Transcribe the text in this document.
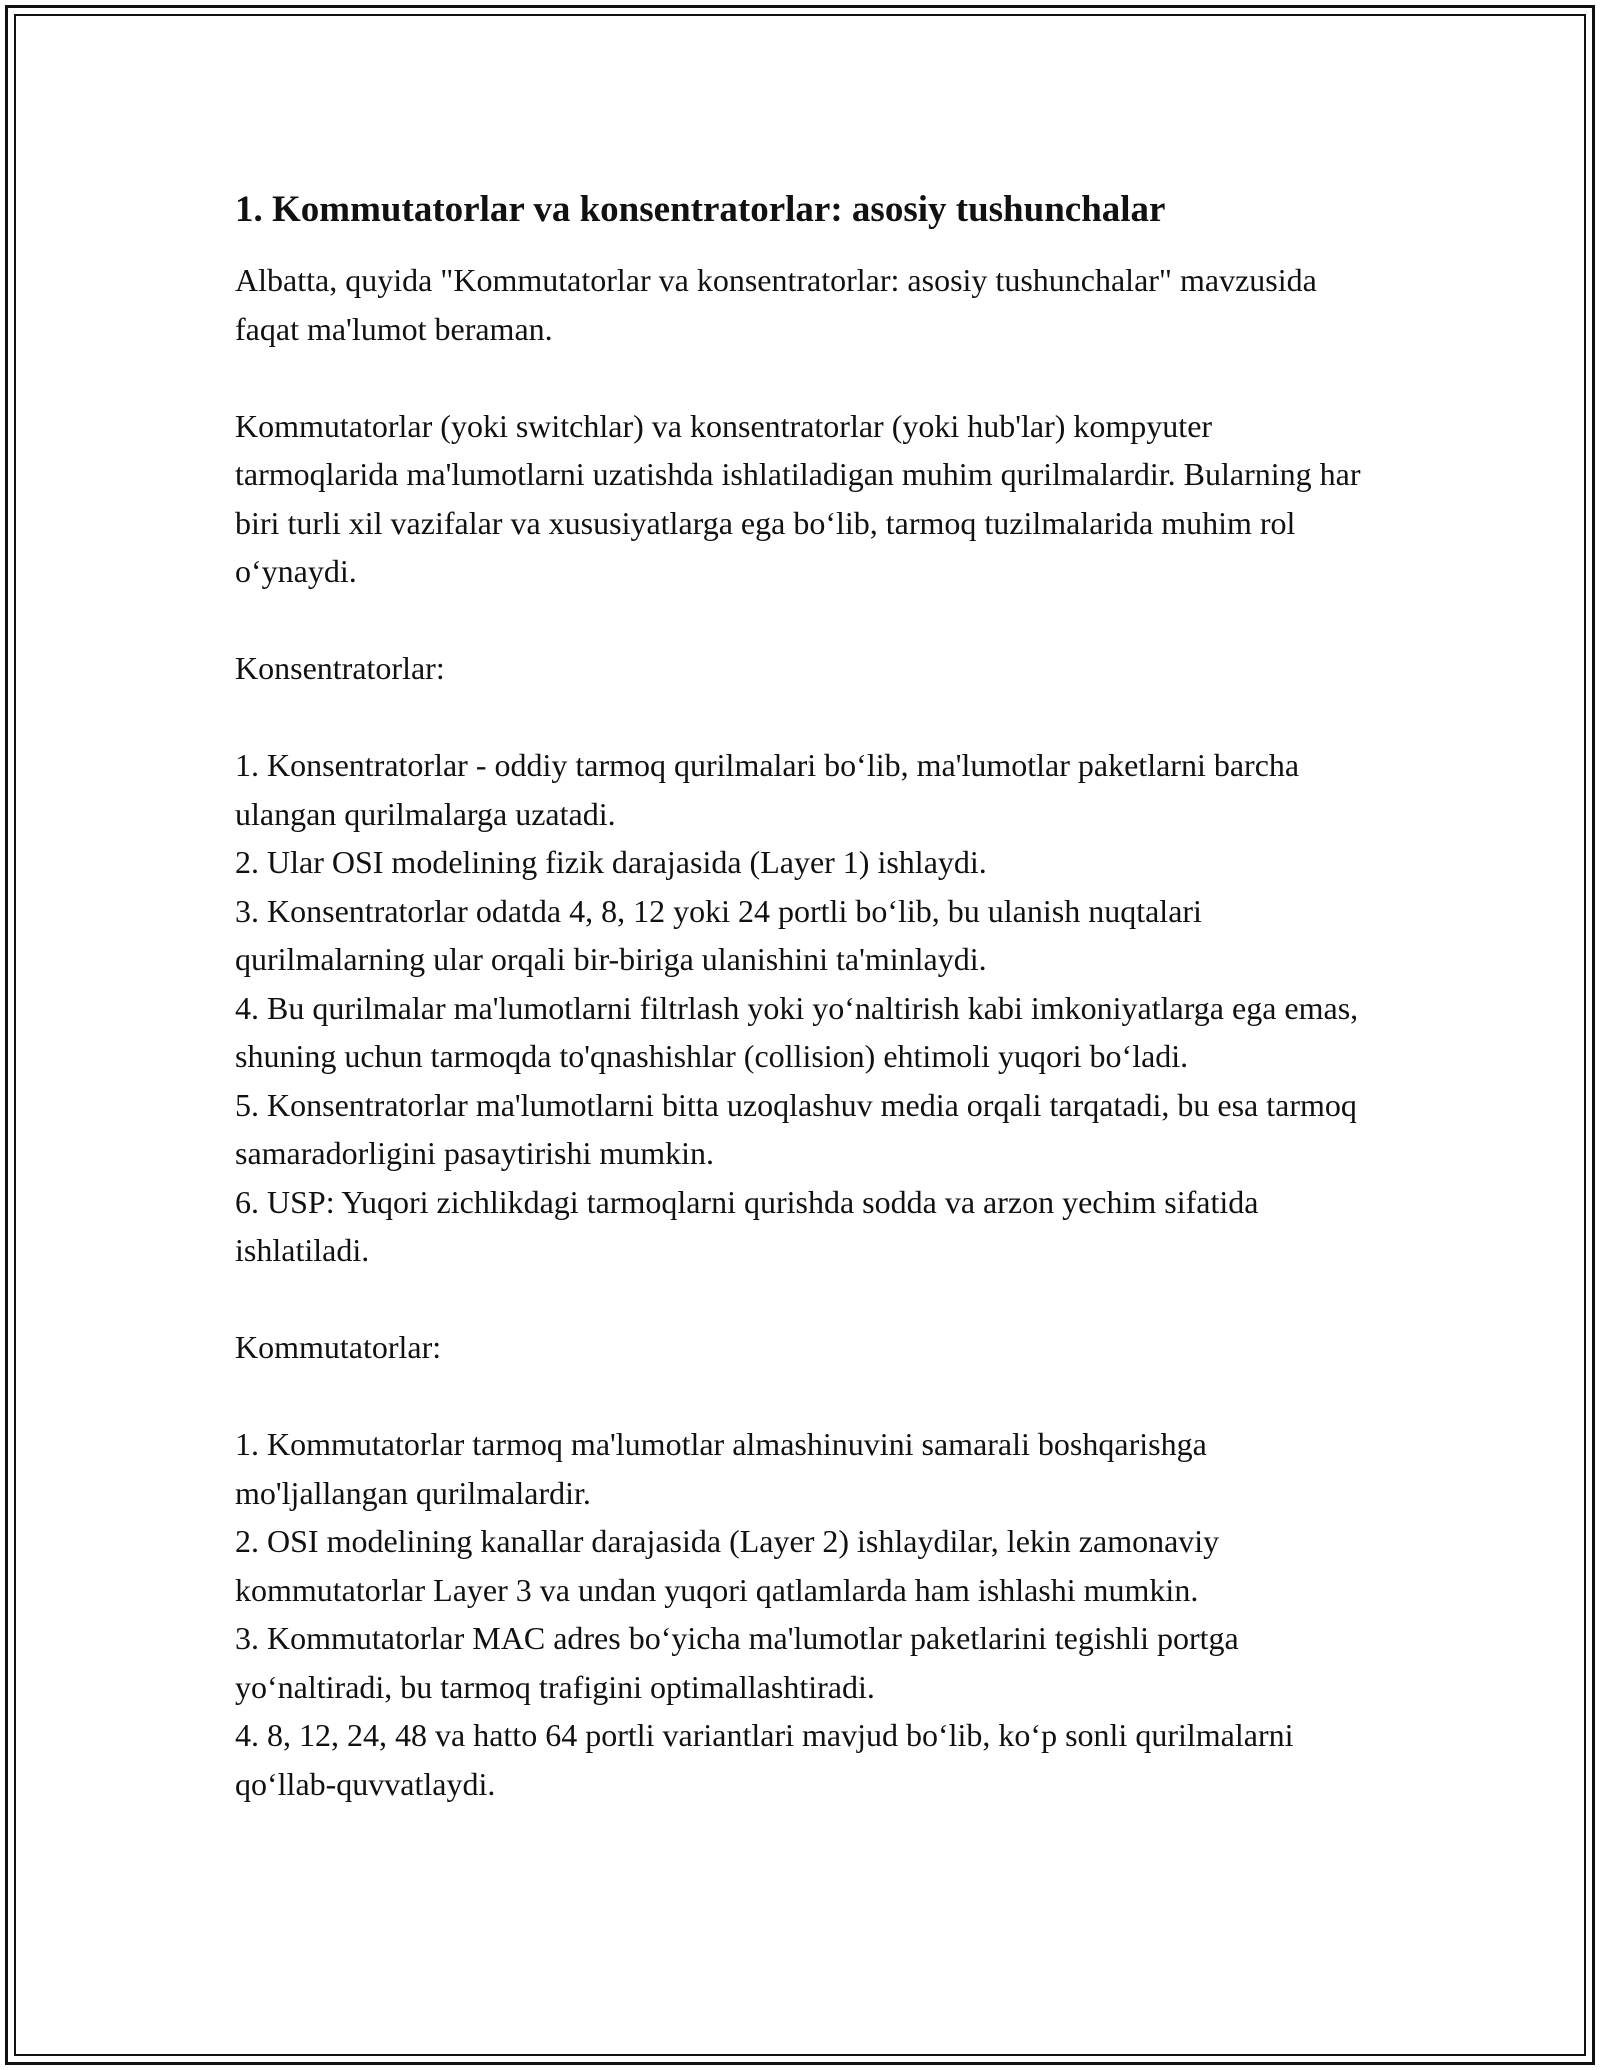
1. Kommutatorlar va konsentratorlar: asosiy tushunchalar

Albatta, quyida "Kommutatorlar va konsentratorlar: asosiy tushunchalar" mavzusida faqat ma'lumot beraman.

Kommutatorlar (yoki switchlar) va konsentratorlar (yoki hub'lar) kompyuter tarmoqlarida ma'lumotlarni uzatishda ishlatiladigan muhim qurilmalardir. Bularning har biri turli xil vazifalar va xususiyatlarga ega bo‘lib, tarmoq tuzilmalarida muhim rol o‘ynaydi.

Konsentratorlar:

1. Konsentratorlar - oddiy tarmoq qurilmalari bo‘lib, ma'lumotlar paketlarni barcha ulangan qurilmalarga uzatadi.
2. Ular OSI modelining fizik darajasida (Layer 1) ishlaydi.
3. Konsentratorlar odatda 4, 8, 12 yoki 24 portli bo‘lib, bu ulanish nuqtalari qurilmalarning ular orqali bir-biriga ulanishini ta'minlaydi.
4. Bu qurilmalar ma'lumotlarni filtrlash yoki yo‘naltirish kabi imkoniyatlarga ega emas, shuning uchun tarmoqda to'qnashishlar (collision) ehtimoli yuqori bo‘ladi.
5. Konsentratorlar ma'lumotlarni bitta uzoqlashuv media orqali tarqatadi, bu esa tarmoq samaradorligini pasaytirishi mumkin.
6. USP: Yuqori zichlikdagi tarmoqlarni qurishda sodda va arzon yechim sifatida ishlatiladi.

Kommutatorlar:

1. Kommutatorlar tarmoq ma'lumotlar almashinuvini samarali boshqarishga mo'ljallangan qurilmalardir.
2. OSI modelining kanallar darajasida (Layer 2) ishlaydilar, lekin zamonaviy kommutatorlar Layer 3 va undan yuqori qatlamlarda ham ishlashi mumkin.
3. Kommutatorlar MAC adres bo‘yicha ma'lumotlar paketlarini tegishli portga yo‘naltiradi, bu tarmoq trafigini optimallashtiradi.
4. 8, 12, 24, 48 va hatto 64 portli variantlari mavjud bo‘lib, ko‘p sonli qurilmalarni qo‘llab-quvvatlaydi.
